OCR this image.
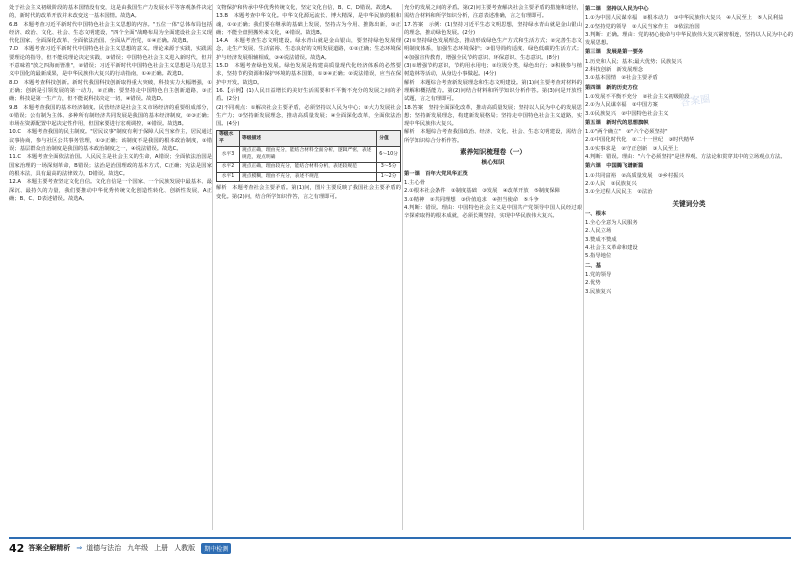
处于社会主义初级阶段的基本国情没有变，这是由我国生产力发展水平等客观条件决定的，新时代的改革开放并未改变这一基本国情。故选A。

6.B　本题考查习近平新时代中国特色社会主义思想的内容。"五位一体"总体布局包括经济、政治、文化、社会、生态文明建设，"四个全面"战略布局为全面建设社会主义现代化国家、全面深化改革、全面依法治国、全面从严治党，①④正确。故选B。

7.D　本题考查习近平新时代中国特色社会主义思想的意义。理论来源于实践，实践需要理论的指导，但不能说理论决定实践，③错误；中国特色社会主义进入新时代，但并不意味着"放之四海而皆准"，②错误；习近平新时代中国特色社会主义思想是马克思主义中国化的最新成果，是中华民族伟大复兴的行动指南，①④正确。故选D。

8.D　本题考查科技创新。新时代我国科技创新取得重大突破，科技实力大幅增强，①正确；创新是引领发展的第一动力，②正确；要坚持走中国特色自主创新道路，③正确；科技是第一生产力，但不能说科技决定一切，④错误。故选D。

9.B　本题考查我国的基本经济制度。民营经济是社会主义市场经济的重要组成部分，①错误；公有制为主体、多种所有制经济共同发展是我国的基本经济制度，②③正确；市场在资源配置中起决定性作用，但国家要进行宏观调控，④错误。故选B。

10.C　本题考查我国的民主制度。"居民议事"制度有利于保障人民当家作主，居民通过议事协商，参与社区公共事务管理，①③正确；该制度不是我国的根本政治制度，②错误；基层群众自治制度是我国的基本政治制度之一，④说法错误。故选C。

11.C　本题考查全面依法治国。人民民主是社会主义的生命，A错误；全面依法治国是国家治理的一场深刻革命，B错误；法治是治国理政的基本方式，C正确；宪法是国家的根本法，具有最高的法律效力，D错误。故选C。

12.A　本题主要考查坚定文化自信。文化自信是一个国家、一个民族发展中最基本、最深沉、最持久的力量，我们要推动中华优秀传统文化创造性转化、创新性发展，A正确；B、C、D表述错误。故选A。

文物保护和传承中华优秀传统文化，坚定文化自信，B、C、D错误。故选A。

13.B　本题考查中华文化。中华文化源远流长、博大精深，是中华民族的根和魂，①②正确；我们要在继承的基础上发展，坚持古为今用、推陈出新，③正确；不能全盘照搬外来文化，④错误。故选B。

14.A　本题考查生态文明建设。绿水青山就是金山银山，要坚持绿色发展理念，走生产发展、生活富裕、生态良好的文明发展道路，①②正确；生态环境保护与经济发展相辅相成，③④说法错误。故选A。

15.D　本题考查绿色发展。绿色发展是构建高质量现代化经济体系的必然要求，坚持节约资源和保护环境的基本国策，①③④正确；②说法错误，应当在保护中开发。故选D。

16.【示例】(1)人民日益增长的美好生活需要和不平衡不充分的发展之间的矛盾。(2分)

(2)不同观点：①解决社会主要矛盾，必须坚持以人民为中心；②大力发展社会生产力；③坚持新发展理念，推动高质量发展；④全面深化改革，全面依法治国。(4分)

等级水平	等级描述	分值
水平3	观点正确，理由充分，能结合材料全面分析，逻辑严密，表述规范，观点明确	6～10分
水平2	观点正确，理由较充分，能结合材料分析，表述较规范	3～5分
水平1	观点模糊，理由不充分，表述不规范	1～2分

解析　本题考查社会主要矛盾。第(1)问，图片主要反映了我国社会主要矛盾的变化。第(2)问，结合所学知识作答，言之有理即可。

充分的发展之间的矛盾。第(2)问主要考查解决社会主要矛盾的措施和途径，需结合材料和所学知识分析，注意表述准确，言之有理即可。

17.答案　示例：(1)坚持习近平生态文明思想，坚持绿水青山就是金山银山的理念，推动绿色发展。(2分)

(2)①坚持绿色发展理念，推动形成绿色生产方式和生活方式；②完善生态文明制度体系，加强生态环境保护；③倡导简约适度、绿色低碳的生活方式；④加强宣传教育，增强全民节约意识、环保意识、生态意识。(8分)

(3)①增强节约意识，节约用水用电；②垃圾分类，绿色出行；③积极参与植树造林等活动，从身边小事做起。(4分)

解析　本题综合考查新发展理念和生态文明建设。第(1)问主要考查对材料的理解和概括能力。第(2)问结合材料和所学知识分析作答。第(3)问是开放性试题，言之有理即可。

18.答案　坚持全面深化改革，推动高质量发展；坚持以人民为中心的发展思想；坚持新发展理念，构建新发展格局；坚持走中国特色社会主义道路，实现中华民族伟大复兴。

解析　本题综合考查我国政治、经济、文化、社会、生态文明建设，需结合所学知识综合分析作答。

素养知识梳理卷（一）
核心知识
第一课　百年大党风华正茂

1.主心骨

2.①根本社会条件　②制度基础　③发展　④改革开放　⑤制度保障

3.①精神　②共同理想　③价值追求　④担当使命　⑤斗争

4.判断：错误。理由：中国特色社会主义是中国共产党领导中国人民经过艰辛探索取得的根本成就，必须长期坚持，实现中华民族伟大复兴。

第二课　坚持以人民为中心

1.①为中国人民谋幸福　②根本动力　③中华民族伟大复兴　④人民至上　⑤人民利益

2.①坚持党的领导　②人民当家作主　③依法治国

3.判断：正确。理由：党的初心使命与中华民族伟大复兴紧密相连，坚持以人民为中心的发展思想。

第三课　发展是第一要务

1.历史和人民；基本;最大优势；民族复兴

2.科技创新　新发展理念

3.①基本国情　②社会主要矛盾

第四课　新的历史方位

1.①发展不平衡不充分　②社会主义初级阶段

2.①为人民谋幸福　②中国方案

3.①民族复兴　②中国特色社会主义

第五课　新时代的思想旗帜

1.①"两个确立"　②"六个必须坚持"

2.①中国化时代化　②二十一世纪　③时代精华

3.①实事求是　②守正创新　③人民至上

4.判断：错误。理由："六个必须坚持"是世界观、方法论和贯穿其中的立场观点方法。

第六课　中国腾飞谱新篇

1.①共同富裕　②高质量发展　③乡村振兴

2.①人民　②民族复兴

3.①全过程人民民主　②法治

关键词分类
一、根本

1.全心全意为人民服务

2.人民立场

3.赞成不赞成

4.社会主义革命和建设

5.指导地位

二、基

1.党的领导

2.优势

3.民族复兴

答案圈
42 答案全解精析 ⇒ 道德与法治 九年级 上册 人教版	期中检测
